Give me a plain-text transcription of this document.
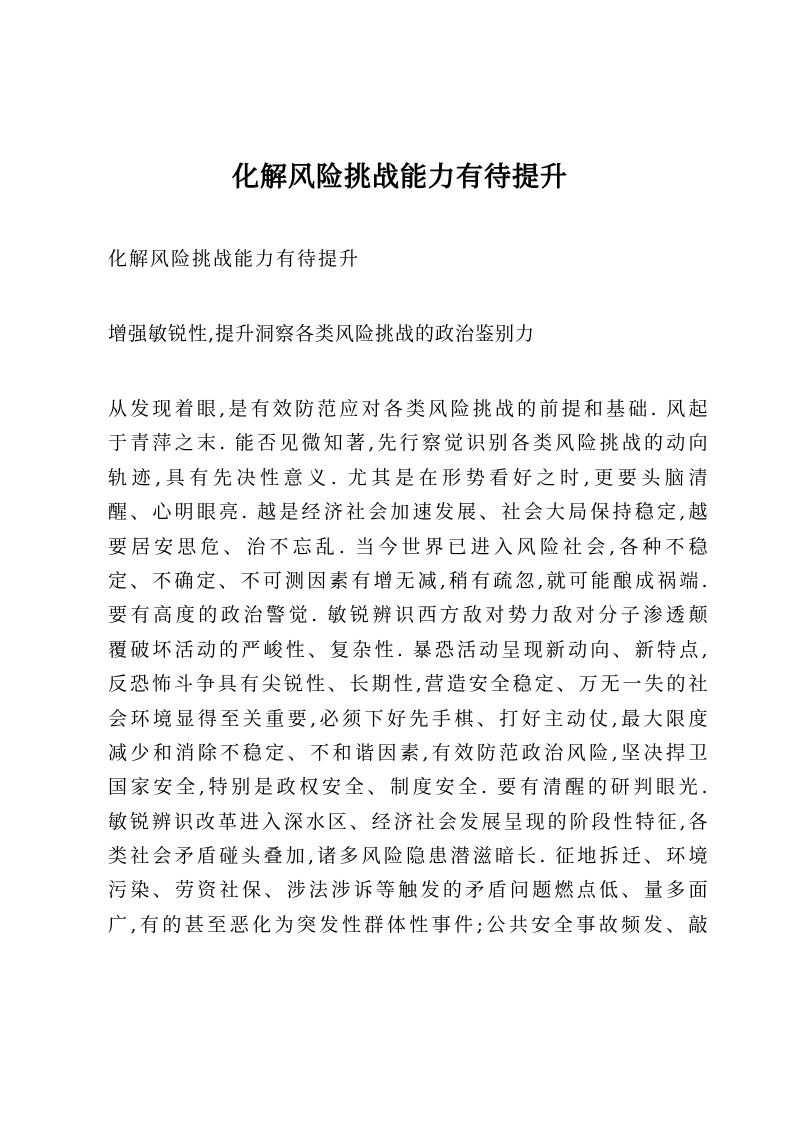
化解风险挑战能力有待提升

化解风险挑战能力有待提升

增强敏锐性,提升洞察各类风险挑战的政治鉴别力

从发现着眼,是有效防范应对各类风险挑战的前提和基础. 风起
于青萍之末. 能否见微知著,先行察觉识别各类风险挑战的动向
轨迹,具有先决性意义. 尤其是在形势看好之时,更要头脑清
醒、心明眼亮. 越是经济社会加速发展、社会大局保持稳定,越
要居安思危、治不忘乱. 当今世界已进入风险社会,各种不稳
定、不确定、不可测因素有增无减,稍有疏忽,就可能酿成祸端.
要有高度的政治警觉. 敏锐辨识西方敌对势力敌对分子渗透颠
覆破坏活动的严峻性、复杂性. 暴恐活动呈现新动向、新特点,
反恐怖斗争具有尖锐性、长期性,营造安全稳定、万无一失的社
会环境显得至关重要,必须下好先手棋、打好主动仗,最大限度
减少和消除不稳定、不和谐因素,有效防范政治风险,坚决捍卫
国家安全,特别是政权安全、制度安全. 要有清醒的研判眼光.
敏锐辨识改革进入深水区、经济社会发展呈现的阶段性特征,各
类社会矛盾碰头叠加,诸多风险隐患潜滋暗长. 征地拆迁、环境
污染、劳资社保、涉法涉诉等触发的矛盾问题燃点低、量多面
广,有的甚至恶化为突发性群体性事件;公共安全事故频发、敲
